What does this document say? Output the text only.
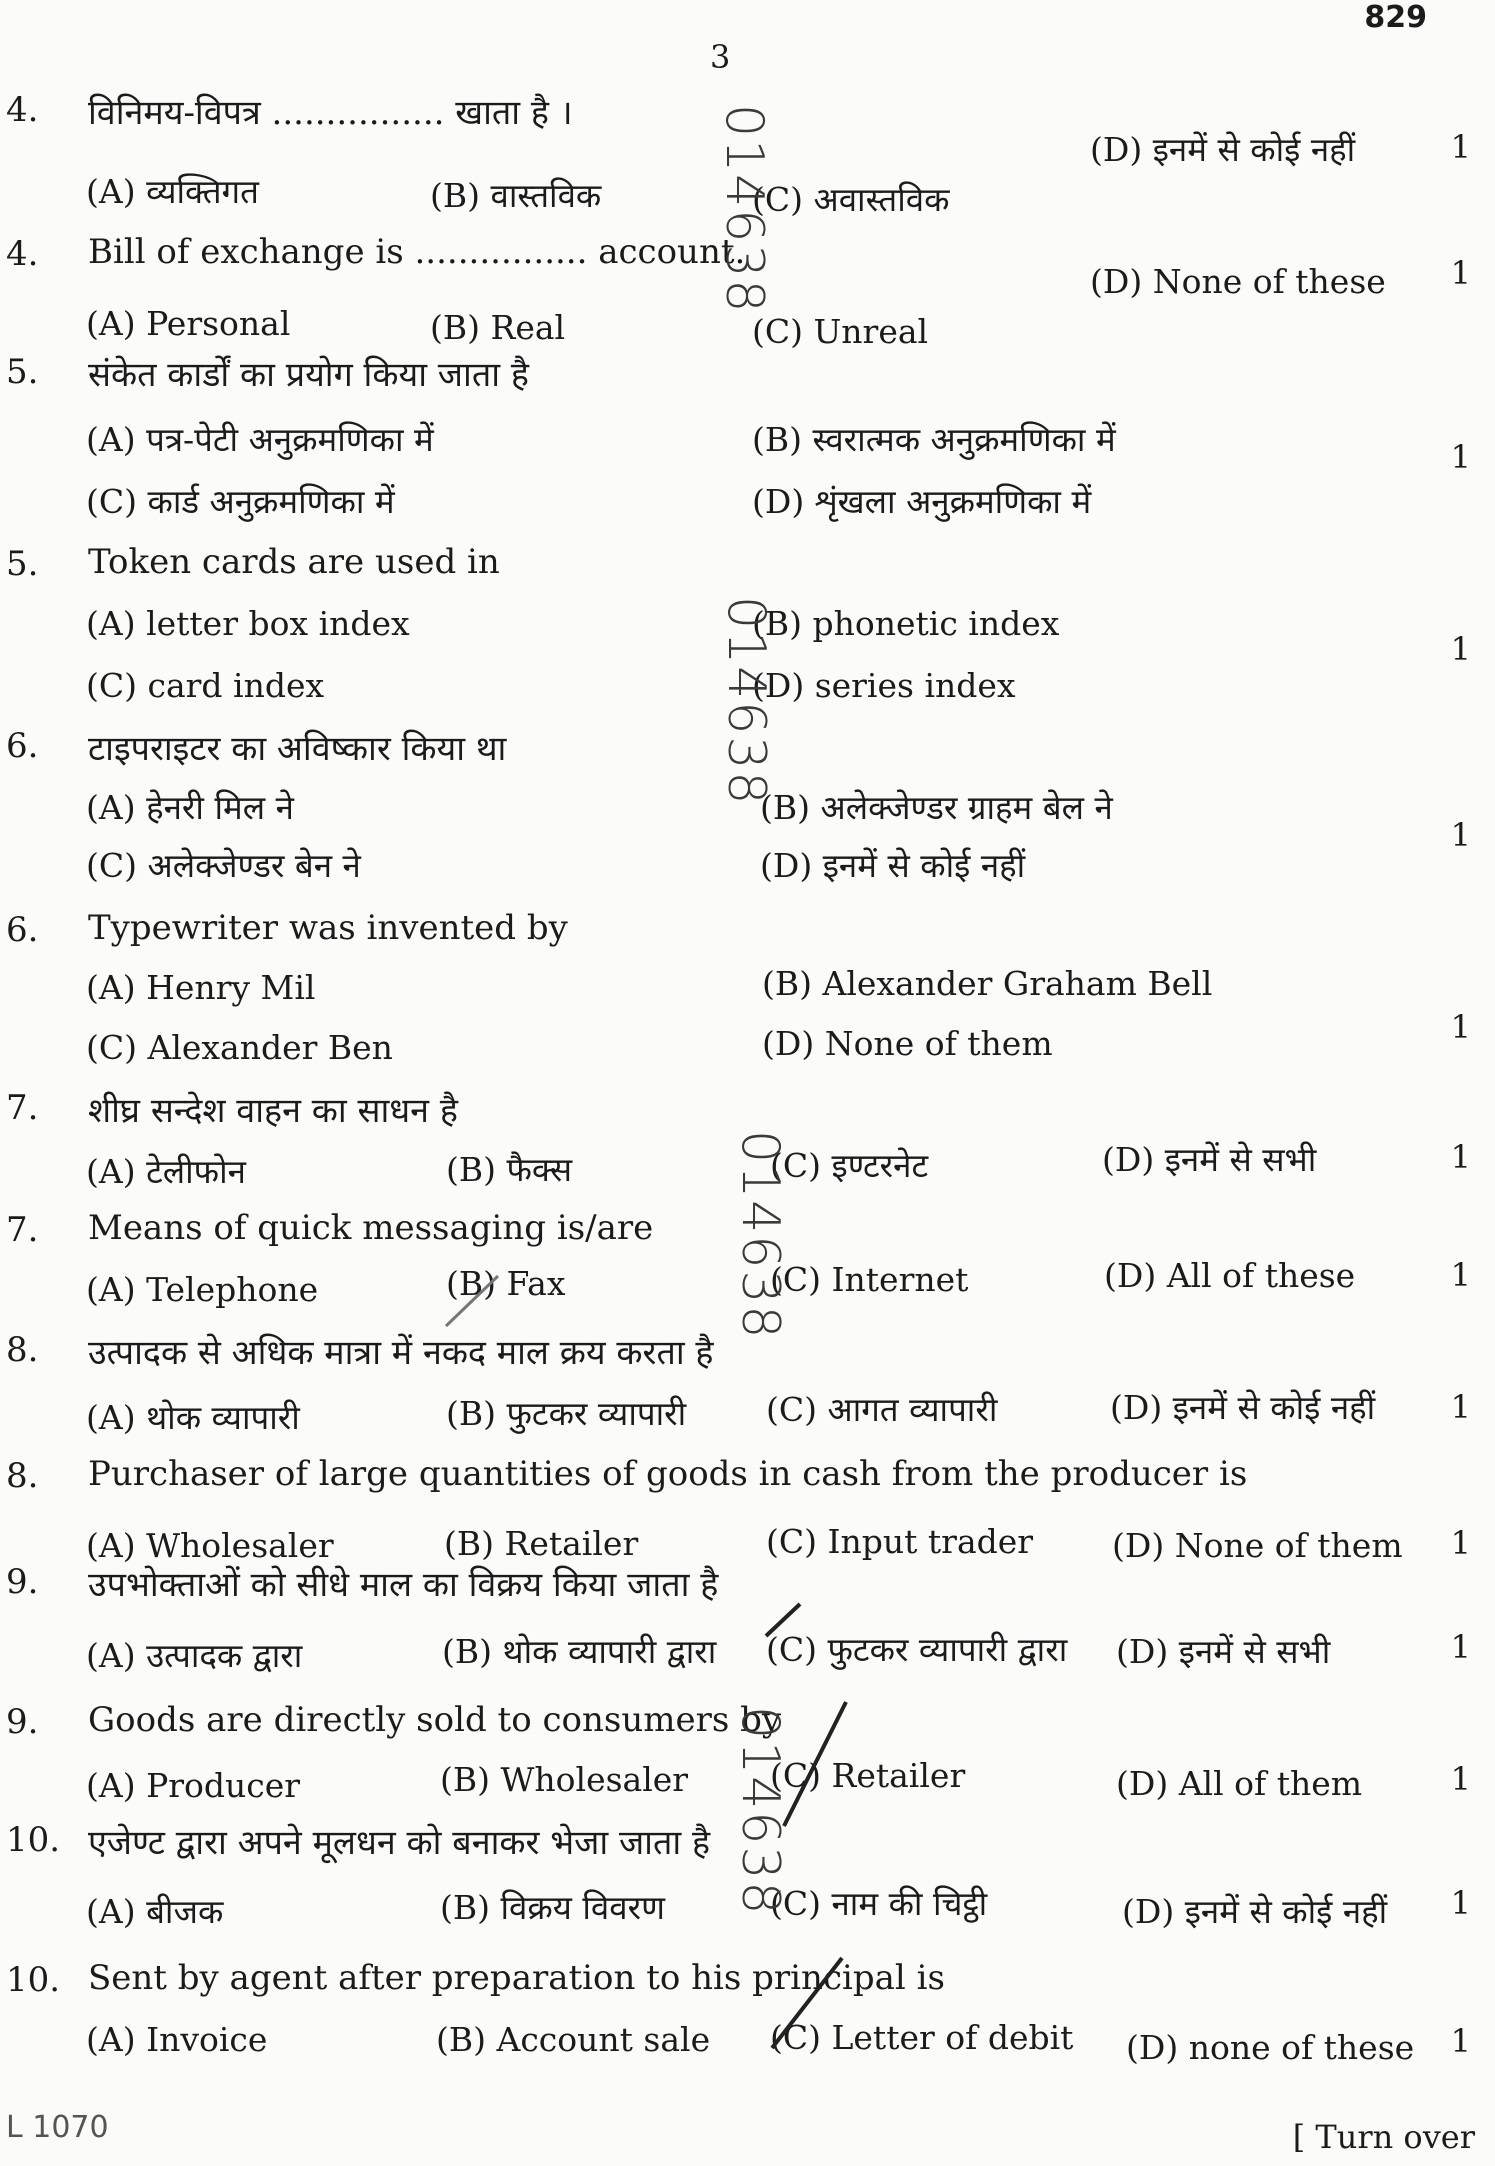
829
3
4. विनिमय-विपत्र ................ खाता है ।
(A) व्यक्तिगत	(B) वास्तविक	(C) अवास्तविक
(D) इनमें से कोई नहीं	1
4. Bill of exchange is ................ account.
(A) Personal	(B) Real	(C) Unreal
(D) None of these 1
5. संकेत कार्डों का प्रयोग किया जाता है
(A) पत्र-पेटी अनुक्रमणिका में	(B) स्वरात्मक अनुक्रमणिका में
(C) कार्ड अनुक्रमणिका में	(D) शृंखला अनुक्रमणिका में
1
5. Token cards are used in
(A) letter box index	(B) phonetic index
(C) card index	(D) series index
1
6. टाइपराइटर का अविष्कार किया था
(A) हेनरी मिल ने	(B) अलेक्जेण्डर ग्राहम बेल ने
(C) अलेक्जेण्डर बेन ने	(D) इनमें से कोई नहीं
1
6. Typewriter was invented by
(A) Henry Mil	(B) Alexander Graham Bell
(C) Alexander Ben	(D) None of them	1
7. शीघ्र सन्देश वाहन का साधन है
(A) टेलीफोन	(B) फैक्स	(C) इण्टरनेट	(D) इनमें से सभी	1
7. Means of quick messaging is/are
(A) Telephone	(B) Fax	(C) Internet	(D) All of these	1
8. उत्पादक से अधिक मात्रा में नकद माल क्रय करता है
(A) थोक व्यापारी	(B) फुटकर व्यापारी (C) आगत व्यापारी	(D) इनमें से कोई नहीं 1
8. Purchaser of large quantities of goods in cash from the producer is
(A) Wholesaler	(B) Retailer	(C) Input trader (D) None of them 1
9. उपभोक्ताओं को सीधे माल का विक्रय किया जाता है
(A) उत्पादक द्वारा	(B) थोक व्यापारी द्वारा (C) फुटकर व्यापारी द्वारा (D) इनमें से सभी	1
9. Goods are directly sold to consumers by
(A) Producer	(B) Wholesaler (C) Retailer	(D) All of them	1
10. एजेण्ट द्वारा अपने मूलधन को बनाकर भेजा जाता है
(A) बीजक	(B) विक्रय विवरण	(C) नाम की चिट्ठी	(D) इनमें से कोई नहीं 1
10. Sent by agent after preparation to his principal is
(A) Invoice	(B) Account sale (C) Letter of debit (D) none of these 1
014638
014638
014638
014638
L 1070	[ Turn over
